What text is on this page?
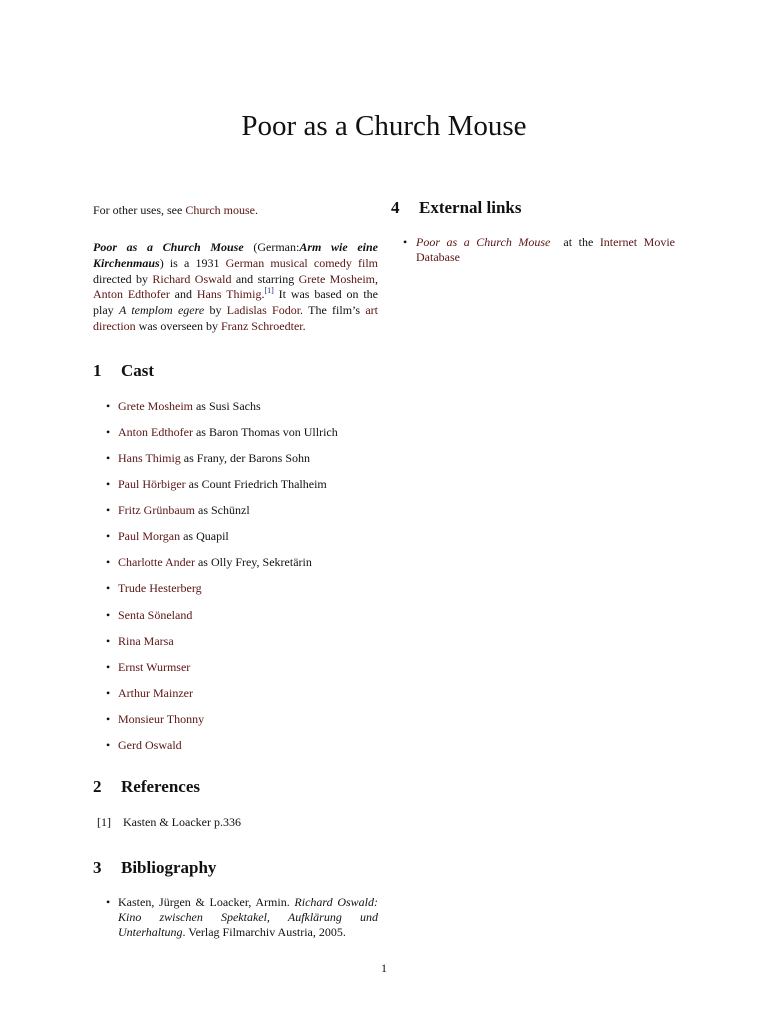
Poor as a Church Mouse

For other uses, see Church mouse.

Poor as a Church Mouse (German:Arm wie eine Kirchenmaus) is a 1931 German musical comedy film directed by Richard Oswald and starring Grete Mosheim, Anton Edthofer and Hans Thimig.[1] It was based on the play A templom egere by Ladislas Fodor. The film’s art direction was overseen by Franz Schroedter.

1 Cast
• Grete Mosheim as Susi Sachs
• Anton Edthofer as Baron Thomas von Ullrich
• Hans Thimig as Frany, der Barons Sohn
• Paul Hörbiger as Count Friedrich Thalheim
• Fritz Grünbaum as Schünzl
• Paul Morgan as Quapil
• Charlotte Ander as Olly Frey, Sekretärin
• Trude Hesterberg
• Senta Söneland
• Rina Marsa
• Ernst Wurmser
• Arthur Mainzer
• Monsieur Thonny
• Gerd Oswald
2 References

[1] Kasten & Loacker p.336

3 Bibliography
• Kasten, Jürgen & Loacker, Armin. Richard Oswald: Kino zwischen Spektakel, Aufklärung und Unterhaltung. Verlag Filmarchiv Austria, 2005.
4 External links
• Poor as a Church Mouse  at the Internet Movie Database
1
